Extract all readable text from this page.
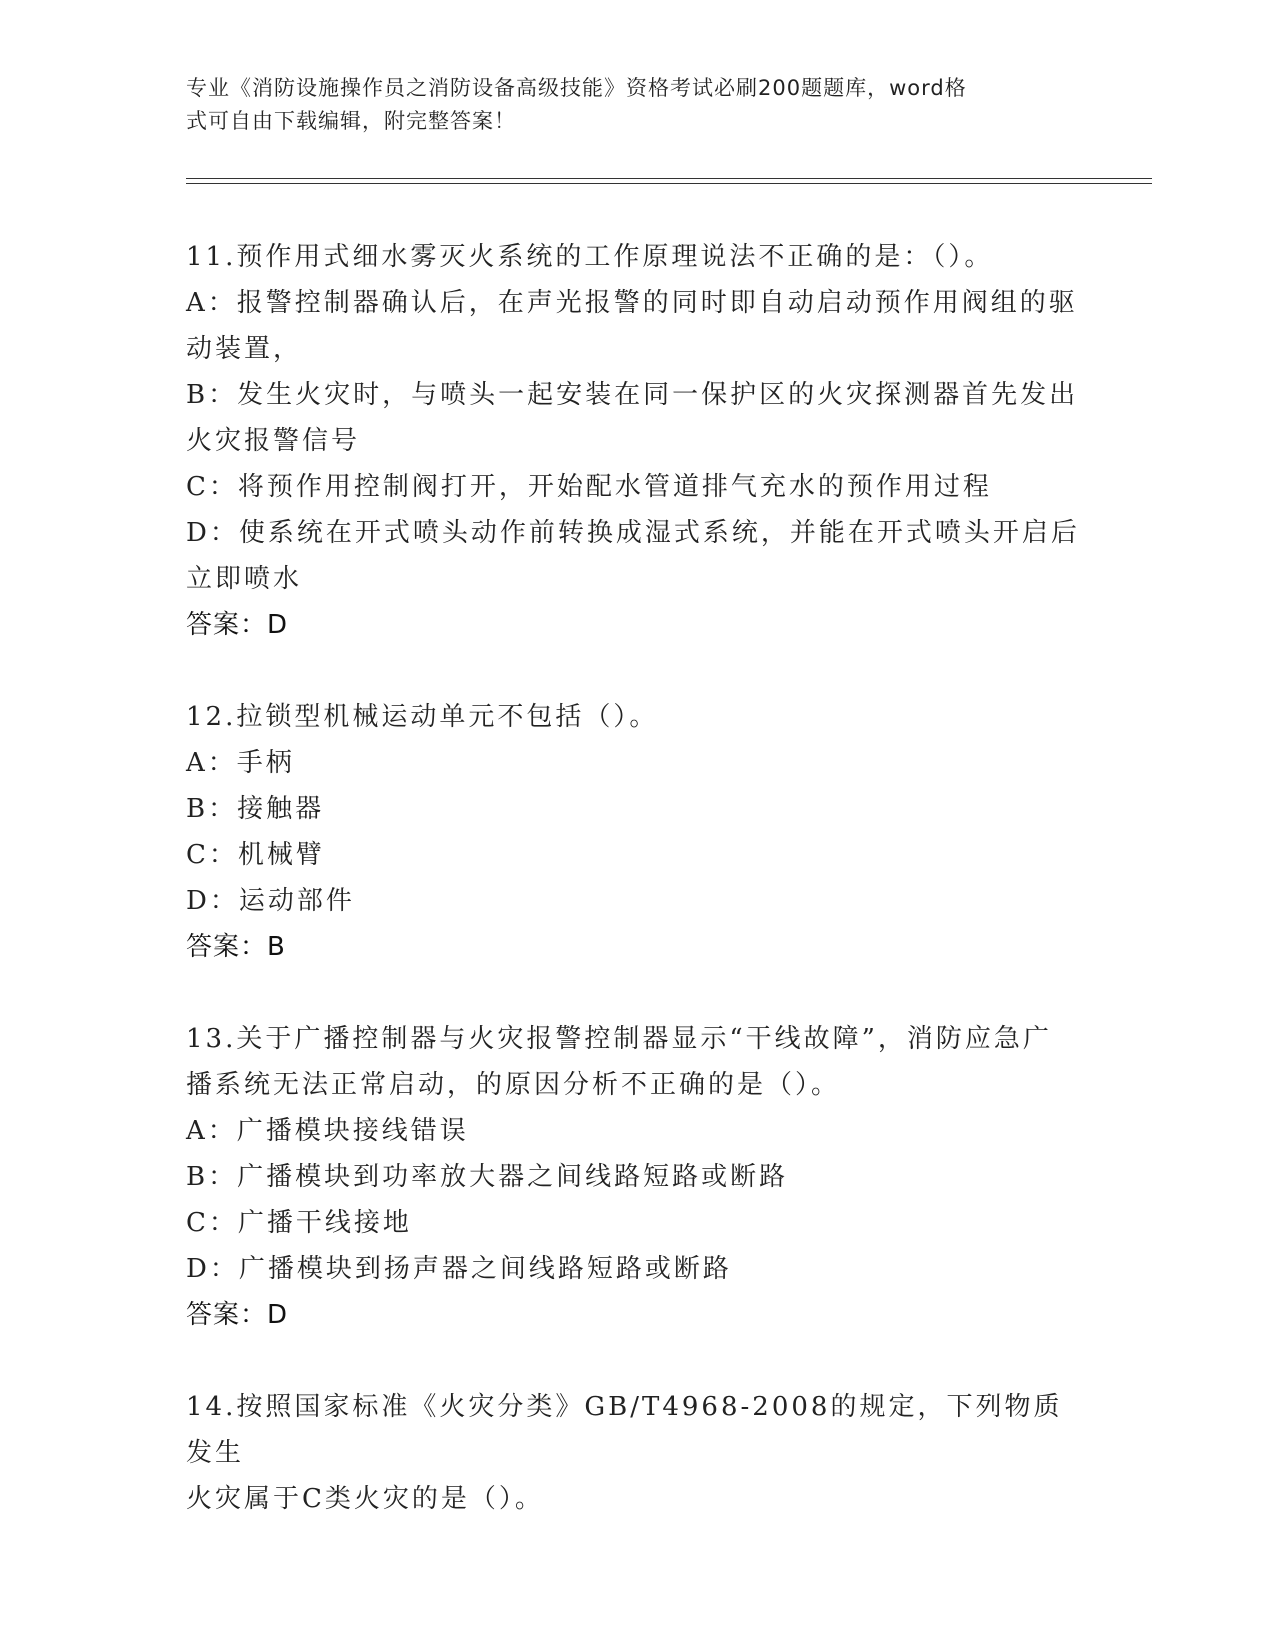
专业《消防设施操作员之消防设备高级技能》资格考试必刷200题题库，word格
式可自由下载编辑，附完整答案！
11.预作用式细水雾灭火系统的工作原理说法不正确的是：（）。
A：报警控制器确认后，在声光报警的同时即自动启动预作用阀组的驱
动装置，
B：发生火灾时，与喷头一起安装在同一保护区的火灾探测器首先发出
火灾报警信号
C：将预作用控制阀打开，开始配水管道排气充水的预作用过程
D：使系统在开式喷头动作前转换成湿式系统，并能在开式喷头开启后
立即喷水
答案：D
12.拉锁型机械运动单元不包括（）。
A：手柄
B：接触器
C：机械臂
D：运动部件
答案：B
13.关于广播控制器与火灾报警控制器显示“干线故障”，消防应急广
播系统无法正常启动，的原因分析不正确的是（）。
A：广播模块接线错误
B：广播模块到功率放大器之间线路短路或断路
C：广播干线接地
D：广播模块到扬声器之间线路短路或断路
答案：D
14.按照国家标准《火灾分类》GB/T4968-2008的规定，下列物质发生
火灾属于C类火灾的是（）。
